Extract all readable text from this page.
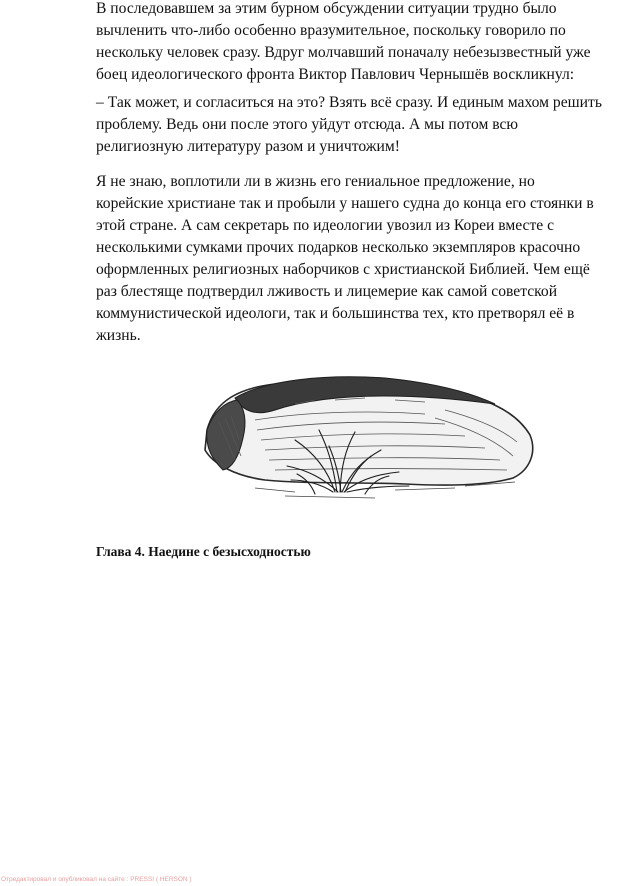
В последовавшем за этим бурном обсуждении ситуации трудно было вычленить что-либо особенно вразумительное, поскольку говорило по нескольку человек сразу. Вдруг молчавший поначалу небезызвестный уже боец идеологического фронта Виктор Павлович Чернышёв воскликнул:

– Так может, и согласиться на это? Взять всё сразу. И единым махом решить проблему. Ведь они после этого уйдут отсюда. А мы потом всю религиозную литературу разом и уничтожим!

Я не знаю, воплотили ли в жизнь его гениальное предложение, но корейские христиане так и пробыли у нашего судна до конца его стоянки в этой стране. А сам секретарь по идеологии увозил из Кореи вместе с несколькими сумками прочих подарков несколько экземпляров красочно оформленных религиозных наборчиков с христианской Библией. Чем ещё раз блестяще подтвердил лживость и лицемерие как самой советской коммунистической идеологи, так и большинства тех, кто претворял её в жизнь.

Глава 4. Наедине с безысходностью

Отредактировал и опубликовал на сайте : PRESSI ( HERSON )
